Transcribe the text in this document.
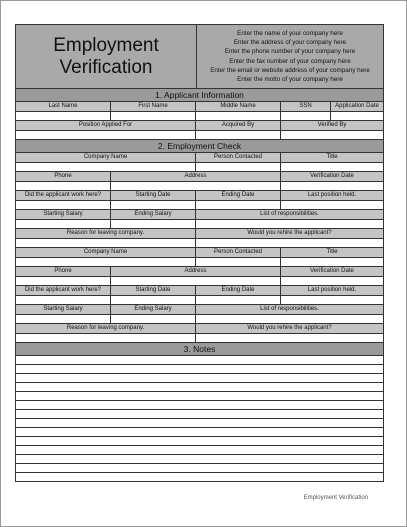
Employment
Verification
Enter the name of your company here
Enter the address of your company here
Enter the phone number of your company here
Enter the fax number of your company here
Enter the email or website address of your company here
Enter the motto of your company here
1. Applicant Information
Last Name	First Name	Middle Name	SSN	Application Date
Position Applied For	Acquired By	Verified By
2. Employment Check
Company Name	Person Contacted	Title
Phone	Address	Verification Date
Did the applicant work here?	Starting Date	Ending Date	Last position held.
Starting Salary	Ending Salary	List of responsibilities.
Reason for leaving company.	Would you rehire the applicant?
Company Name	Person Contacted	Title
Phone	Address	Verification Date
Did the applicant work here?	Starting Date	Ending Date	Last position held.
Starting Salary	Ending Salary	List of responsibilities.
Reason for leaving company.	Would you rehire the applicant?
3. Notes
Employment Verification
